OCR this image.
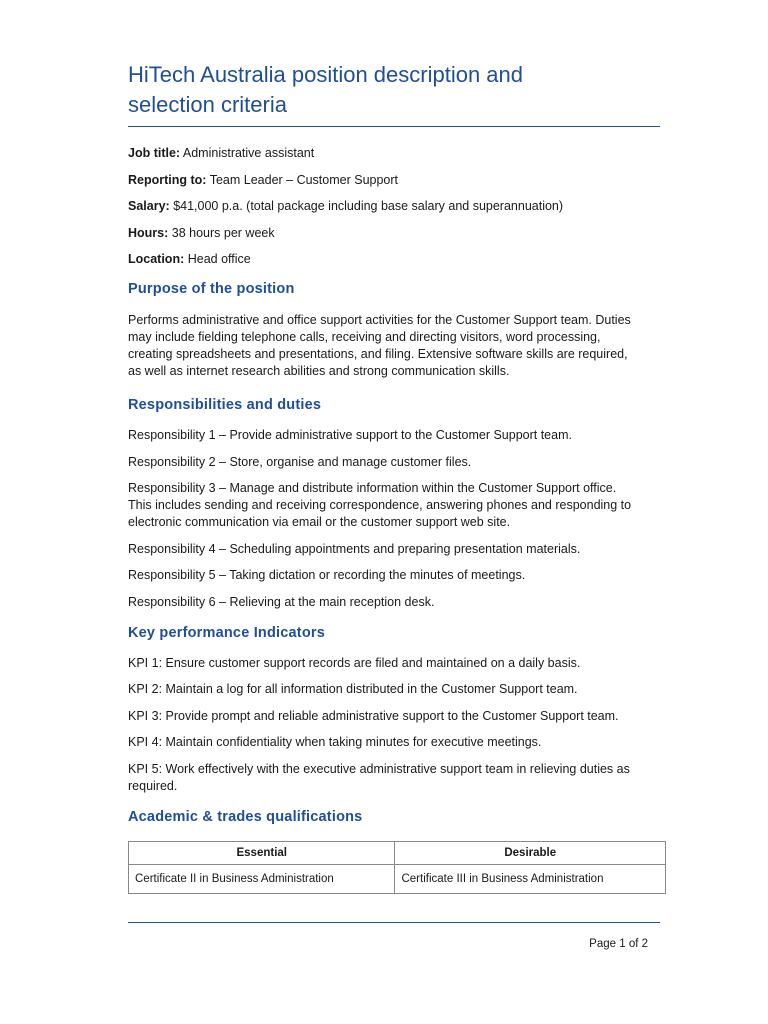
HiTech Australia position description and
selection criteria
Job title: Administrative assistant
Reporting to: Team Leader – Customer Support
Salary: $41,000 p.a. (total package including base salary and superannuation)
Hours: 38 hours per week
Location: Head office
Purpose of the position

Performs administrative and office support activities for the Customer Support team. Duties
may include fielding telephone calls, receiving and directing visitors, word processing,
creating spreadsheets and presentations, and filing. Extensive software skills are required,
as well as internet research abilities and strong communication skills.

Responsibilities and duties

Responsibility 1 – Provide administrative support to the Customer Support team.

Responsibility 2 – Store, organise and manage customer files.

Responsibility 3 – Manage and distribute information within the Customer Support office.
This includes sending and receiving correspondence, answering phones and responding to
electronic communication via email or the customer support web site.

Responsibility 4 – Scheduling appointments and preparing presentation materials.

Responsibility 5 – Taking dictation or recording the minutes of meetings.

Responsibility 6 – Relieving at the main reception desk.

Key performance Indicators

KPI 1: Ensure customer support records are filed and maintained on a daily basis.

KPI 2: Maintain a log for all information distributed in the Customer Support team.

KPI 3: Provide prompt and reliable administrative support to the Customer Support team.

KPI 4: Maintain confidentiality when taking minutes for executive meetings.

KPI 5: Work effectively with the executive administrative support team in relieving duties as
required.

Academic & trades qualifications
Essential	Desirable
Certificate II in Business Administration	Certificate III in Business Administration
Page 1 of 2
